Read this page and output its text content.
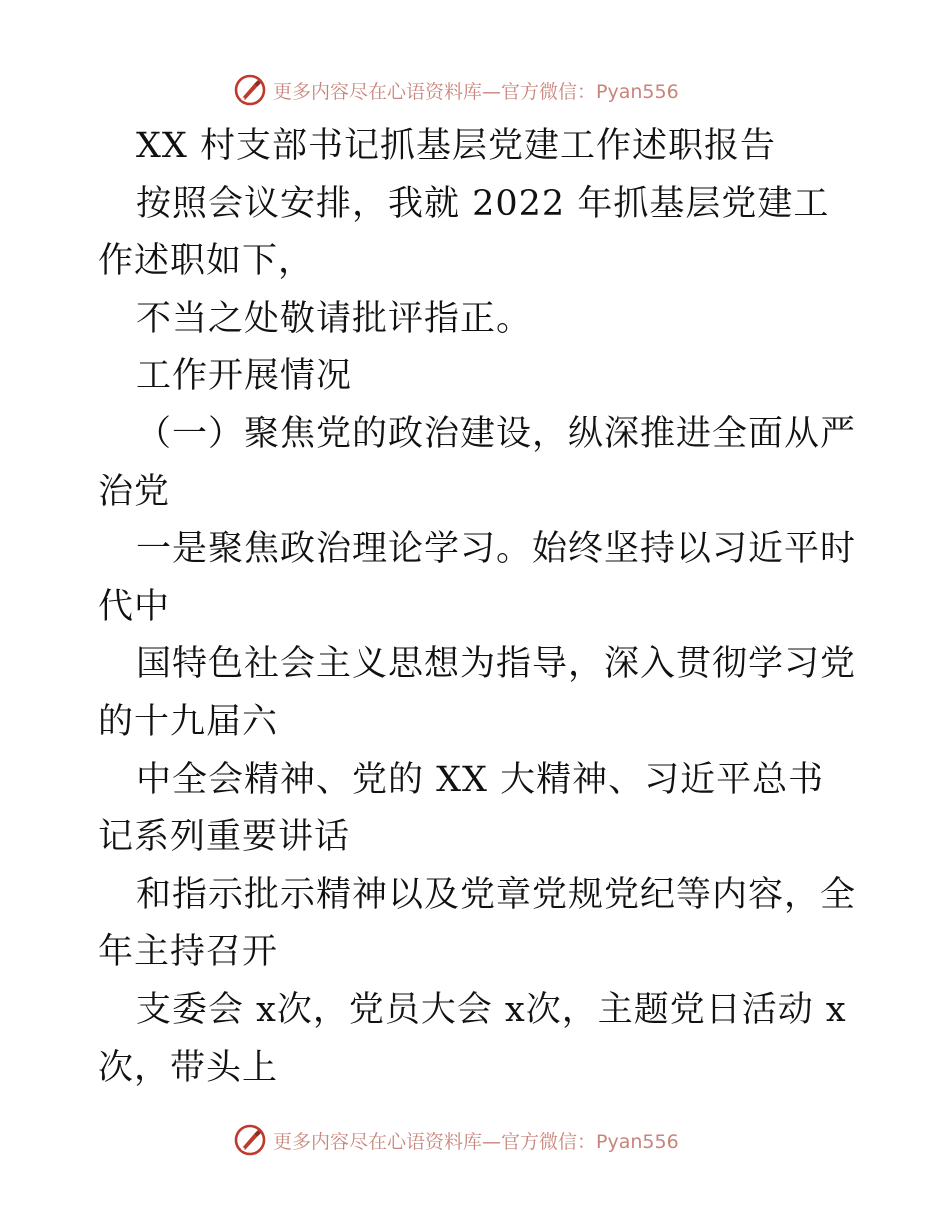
更多内容尽在心语资料库—官方微信：Pyan556

XX 村支部书记抓基层党建工作述职报告

按照会议安排，我就 2022 年抓基层党建工作述职如下，

不当之处敬请批评指正。

工作开展情况

（一）聚焦党的政治建设，纵深推进全面从严治党

一是聚焦政治理论学习。始终坚持以习近平时代中

国特色社会主义思想为指导，深入贯彻学习党的十九届六

中全会精神、党的 XX 大精神、习近平总书记系列重要讲话

和指示批示精神以及党章党规党纪等内容，全年主持召开

支委会 x次，党员大会 x次，主题党日活动 x次，带头上

更多内容尽在心语资料库—官方微信：Pyan556
